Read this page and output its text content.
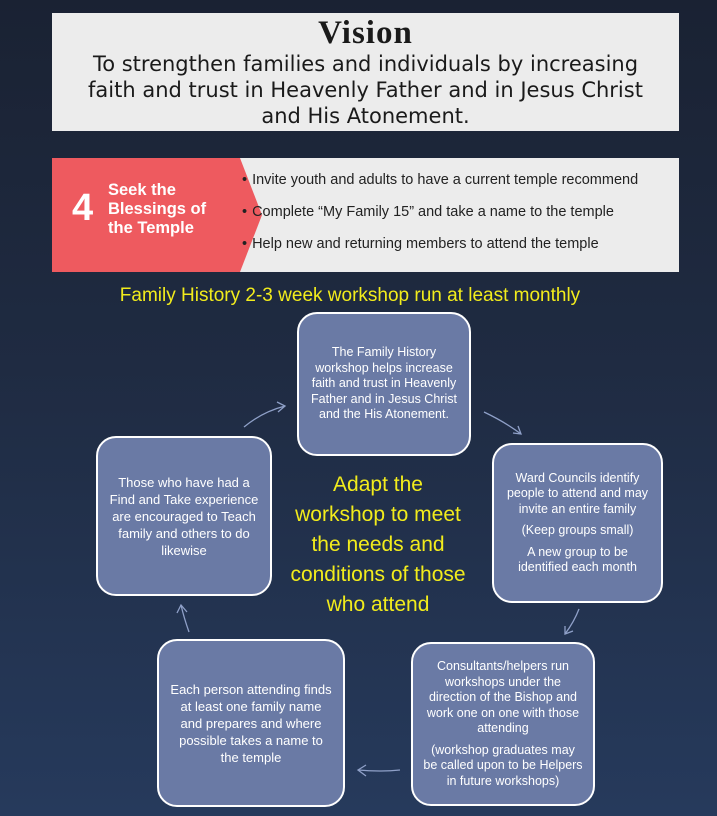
Vision
To strengthen families and individuals by increasing faith and trust in Heavenly Father and in Jesus Christ and His Atonement.
4 Seek the Blessings of the Temple
• Invite youth and adults to have a current temple recommend
• Complete “My Family 15” and take a name to the temple
• Help new and returning members to attend the temple
Family History 2-3 week workshop run at least monthly

The Family History workshop helps increase faith and trust in Heavenly Father and in Jesus Christ and the His Atonement.

Ward Councils identify people to attend and may invite an entire family

(Keep groups small)

A new group to be identified each month

Consultants/helpers run workshops under the direction of the Bishop and work one on one with those attending

(workshop graduates may be called upon to be Helpers in future workshops)

Each person attending finds at least one family name and prepares and where possible takes a name to the temple

Those who have had a Find and Take experience are encouraged to Teach family and others to do likewise

Adapt the workshop to meet the needs and conditions of those who attend
